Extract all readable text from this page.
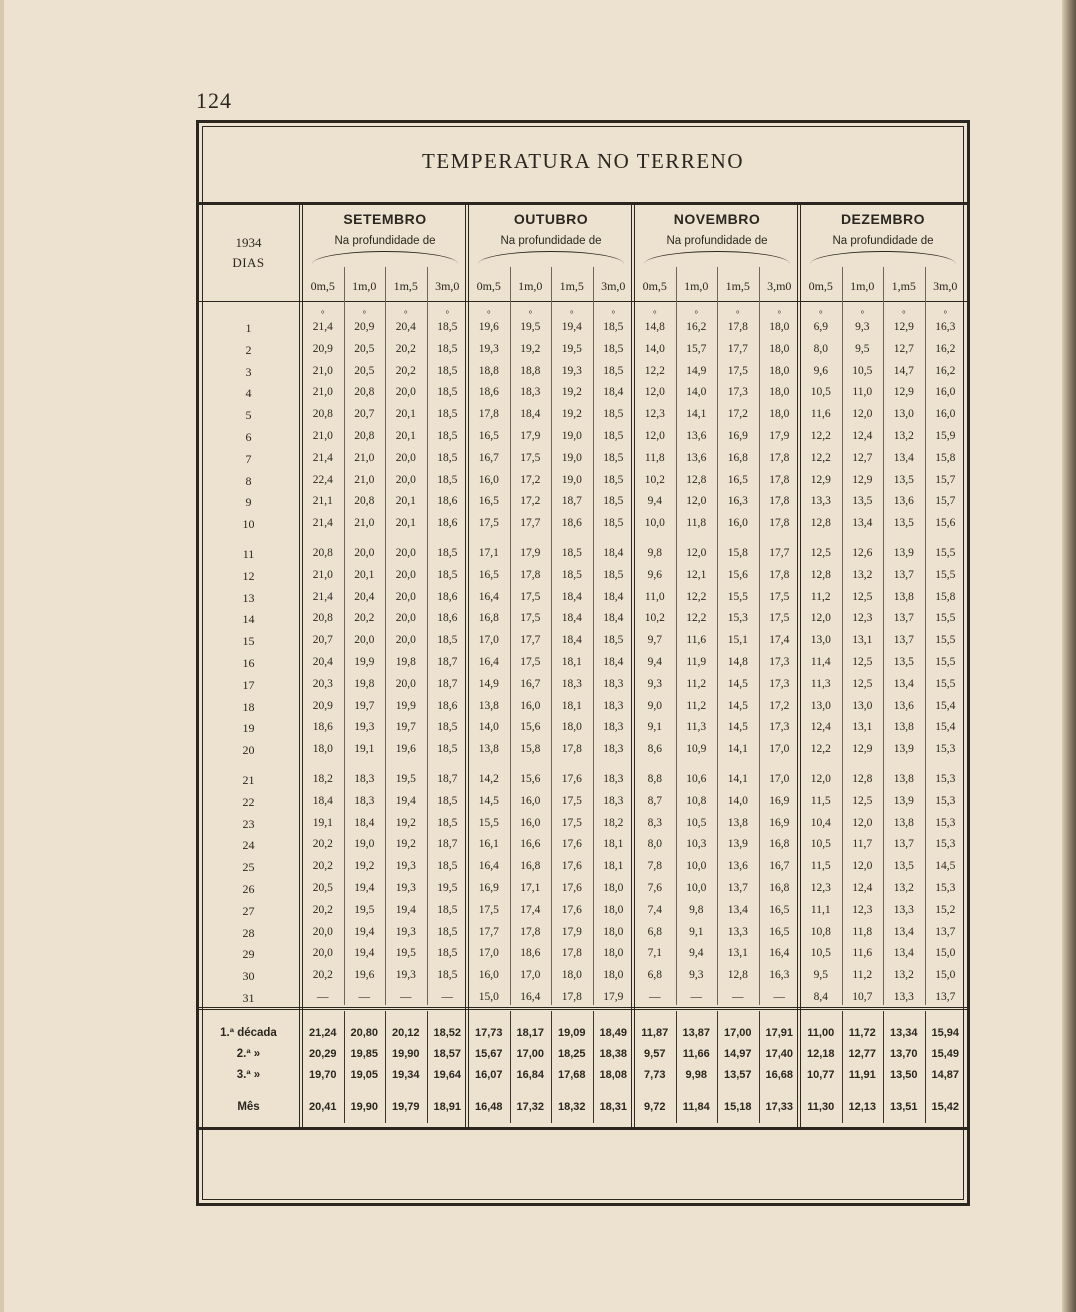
124
TEMPERATURA NO TERRENO
1934
DIAS
SETEMBRO
Na profundidade de
0m,5	1m,0	1m,5	3m,0
°	°	°	°
OUTUBRO
Na profundidade de
0m,5	1m,0	1m,5	3m,0
°	°	°	°
NOVEMBRO
Na profundidade de
0m,5	1m,0	1m,5	3,m0
°	°	°	°
DEZEMBRO
Na profundidade de
0m,5	1m,0	1,m5	3m,0
°	°	°	°
1	21,4	20,9	20,4	18,5	19,6	19,5	19,4	18,5	14,8	16,2	17,8	18,0	6,9	9,3	12,9	16,3
2	20,9	20,5	20,2	18,5	19,3	19,2	19,5	18,5	14,0	15,7	17,7	18,0	8,0	9,5	12,7	16,2
3	21,0	20,5	20,2	18,5	18,8	18,8	19,3	18,5	12,2	14,9	17,5	18,0	9,6	10,5	14,7	16,2
4	21,0	20,8	20,0	18,5	18,6	18,3	19,2	18,4	12,0	14,0	17,3	18,0	10,5	11,0	12,9	16,0
5	20,8	20,7	20,1	18,5	17,8	18,4	19,2	18,5	12,3	14,1	17,2	18,0	11,6	12,0	13,0	16,0
6	21,0	20,8	20,1	18,5	16,5	17,9	19,0	18,5	12,0	13,6	16,9	17,9	12,2	12,4	13,2	15,9
7	21,4	21,0	20,0	18,5	16,7	17,5	19,0	18,5	11,8	13,6	16,8	17,8	12,2	12,7	13,4	15,8
8	22,4	21,0	20,0	18,5	16,0	17,2	19,0	18,5	10,2	12,8	16,5	17,8	12,9	12,9	13,5	15,7
9	21,1	20,8	20,1	18,6	16,5	17,2	18,7	18,5	9,4	12,0	16,3	17,8	13,3	13,5	13,6	15,7
10	21,4	21,0	20,1	18,6	17,5	17,7	18,6	18,5	10,0	11,8	16,0	17,8	12,8	13,4	13,5	15,6
11	20,8	20,0	20,0	18,5	17,1	17,9	18,5	18,4	9,8	12,0	15,8	17,7	12,5	12,6	13,9	15,5
12	21,0	20,1	20,0	18,5	16,5	17,8	18,5	18,5	9,6	12,1	15,6	17,8	12,8	13,2	13,7	15,5
13	21,4	20,4	20,0	18,6	16,4	17,5	18,4	18,4	11,0	12,2	15,5	17,5	11,2	12,5	13,8	15,8
14	20,8	20,2	20,0	18,6	16,8	17,5	18,4	18,4	10,2	12,2	15,3	17,5	12,0	12,3	13,7	15,5
15	20,7	20,0	20,0	18,5	17,0	17,7	18,4	18,5	9,7	11,6	15,1	17,4	13,0	13,1	13,7	15,5
16	20,4	19,9	19,8	18,7	16,4	17,5	18,1	18,4	9,4	11,9	14,8	17,3	11,4	12,5	13,5	15,5
17	20,3	19,8	20,0	18,7	14,9	16,7	18,3	18,3	9,3	11,2	14,5	17,3	11,3	12,5	13,4	15,5
18	20,9	19,7	19,9	18,6	13,8	16,0	18,1	18,3	9,0	11,2	14,5	17,2	13,0	13,0	13,6	15,4
19	18,6	19,3	19,7	18,5	14,0	15,6	18,0	18,3	9,1	11,3	14,5	17,3	12,4	13,1	13,8	15,4
20	18,0	19,1	19,6	18,5	13,8	15,8	17,8	18,3	8,6	10,9	14,1	17,0	12,2	12,9	13,9	15,3
21	18,2	18,3	19,5	18,7	14,2	15,6	17,6	18,3	8,8	10,6	14,1	17,0	12,0	12,8	13,8	15,3
22	18,4	18,3	19,4	18,5	14,5	16,0	17,5	18,3	8,7	10,8	14,0	16,9	11,5	12,5	13,9	15,3
23	19,1	18,4	19,2	18,5	15,5	16,0	17,5	18,2	8,3	10,5	13,8	16,9	10,4	12,0	13,8	15,3
24	20,2	19,0	19,2	18,7	16,1	16,6	17,6	18,1	8,0	10,3	13,9	16,8	10,5	11,7	13,7	15,3
25	20,2	19,2	19,3	18,5	16,4	16,8	17,6	18,1	7,8	10,0	13,6	16,7	11,5	12,0	13,5	14,5
26	20,5	19,4	19,3	19,5	16,9	17,1	17,6	18,0	7,6	10,0	13,7	16,8	12,3	12,4	13,2	15,3
27	20,2	19,5	19,4	18,5	17,5	17,4	17,6	18,0	7,4	9,8	13,4	16,5	11,1	12,3	13,3	15,2
28	20,0	19,4	19,3	18,5	17,7	17,8	17,9	18,0	6,8	9,1	13,3	16,5	10,8	11,8	13,4	13,7
29	20,0	19,4	19,5	18,5	17,0	18,6	17,8	18,0	7,1	9,4	13,1	16,4	10,5	11,6	13,4	15,0
30	20,2	19,6	19,3	18,5	16,0	17,0	18,0	18,0	6,8	9,3	12,8	16,3	9,5	11,2	13,2	15,0
31	—	—	—	—	15,0	16,4	17,8	17,9	—	—	—	—	8,4	10,7	13,3	13,7
1.ª década	21,24	20,80	20,12	18,52	17,73	18,17	19,09	18,49	11,87	13,87	17,00	17,91	11,00	11,72	13,34	15,94
2.ª »	20,29	19,85	19,90	18,57	15,67	17,00	18,25	18,38	9,57	11,66	14,97	17,40	12,18	12,77	13,70	15,49
3.ª »	19,70	19,05	19,34	19,64	16,07	16,84	17,68	18,08	7,73	9,98	13,57	16,68	10,77	11,91	13,50	14,87
Mês	20,41	19,90	19,79	18,91	16,48	17,32	18,32	18,31	9,72	11,84	15,18	17,33	11,30	12,13	13,51	15,42
